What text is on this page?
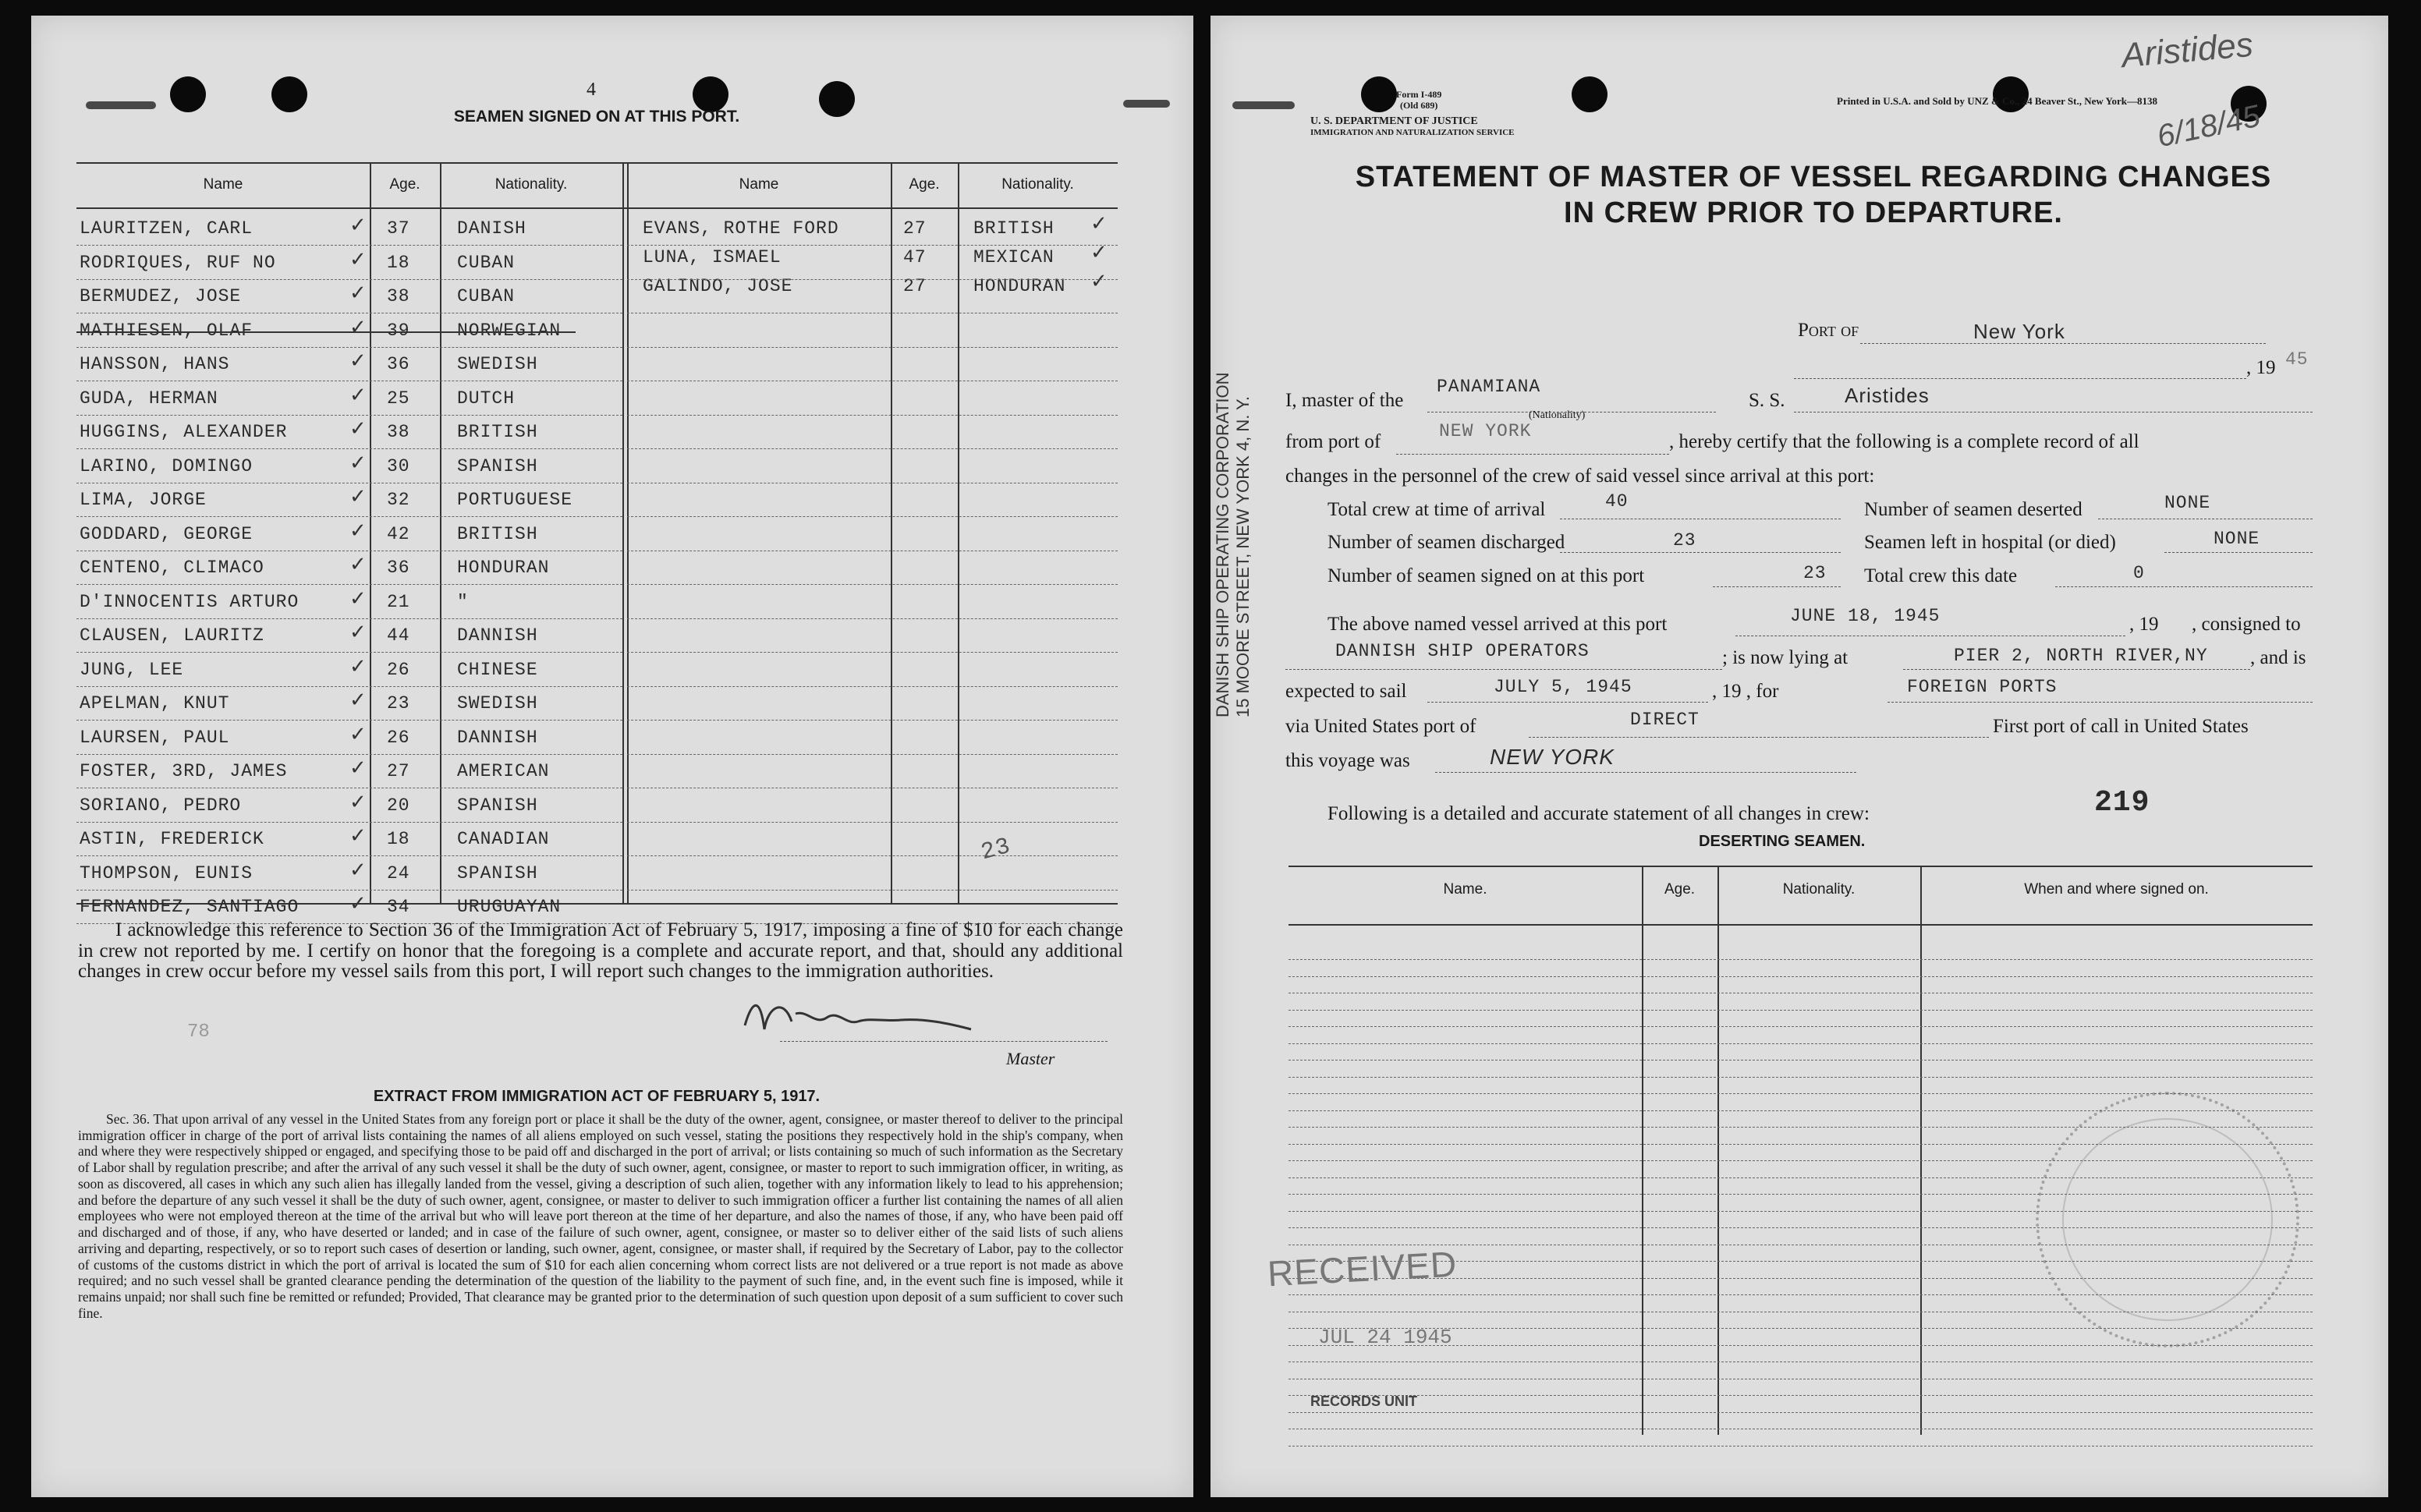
4
SEAMEN SIGNED ON AT THIS PORT.
Name	Age.	Nationality.	Name	Age.	Nationality.
LAURITZEN, CARL	37	DANISH
✓
RODRIQUES, RUF NO	18	CUBAN
✓
BERMUDEZ, JOSE	38	CUBAN
✓
MATHIESEN, OLAF	39	NORWEGIAN
✓
HANSSON, HANS	36	SWEDISH
✓
GUDA, HERMAN	25	DUTCH
✓
HUGGINS, ALEXANDER	38	BRITISH
✓
LARINO, DOMINGO	30	SPANISH
✓
LIMA, JORGE	32	PORTUGUESE
✓
GODDARD, GEORGE	42	BRITISH
✓
CENTENO, CLIMACO	36	HONDURAN
✓
D'INNOCENTIS ARTURO	21	"
✓
CLAUSEN, LAURITZ	44	DANNISH
✓
JUNG, LEE	26	CHINESE
✓
APELMAN, KNUT	23	SWEDISH
✓
LAURSEN, PAUL	26	DANNISH
✓
FOSTER, 3RD, JAMES	27	AMERICAN
✓
SORIANO, PEDRO	20	SPANISH
✓
ASTIN, FREDERICK	18	CANADIAN
✓
THOMPSON, EUNIS	24	SPANISH
✓
FERNANDEZ, SANTIAGO	34	URUGUAYAN
✓
EVANS, ROTHE FORD	27	BRITISH ✓
LUNA, ISMAEL	47	MEXICAN ✓
GALINDO, JOSE	27	HONDURAN ✓
23
I acknowledge this reference to Section 36 of the Immigration Act of February 5, 1917, imposing a fine of $10 for each change in crew not reported by me. I certify on honor that the foregoing is a complete and accurate report, and that, should any additional changes in crew occur before my vessel sails from this port, I will report such changes to the immigration authorities.
Master
78
EXTRACT FROM IMMIGRATION ACT OF FEBRUARY 5, 1917.
Sec. 36. That upon arrival of any vessel in the United States from any foreign port or place it shall be the duty of the owner, agent, consignee, or master thereof to deliver to the principal immigration officer in charge of the port of arrival lists containing the names of all aliens employed on such vessel, stating the positions they respectively hold in the ship's company, when and where they were respectively shipped or engaged, and specifying those to be paid off and discharged in the port of arrival; or lists containing so much of such information as the Secretary of Labor shall by regulation prescribe; and after the arrival of any such vessel it shall be the duty of such owner, agent, consignee, or master to report to such immigration officer, in writing, as soon as discovered, all cases in which any such alien has illegally landed from the vessel, giving a description of such alien, together with any information likely to lead to his apprehension; and before the departure of any such vessel it shall be the duty of such owner, agent, consignee, or master to deliver to such immigration officer a further list containing the names of all alien employees who were not employed thereon at the time of the arrival but who will leave port thereon at the time of her departure, and also the names of those, if any, who have been paid off and discharged and of those, if any, who have deserted or landed; and in case of the failure of such owner, agent, consignee, or master so to deliver either of the said lists of such aliens arriving and departing, respectively, or so to report such cases of desertion or landing, such owner, agent, consignee, or master shall, if required by the Secretary of Labor, pay to the collector of customs of the customs district in which the port of arrival is located the sum of $10 for each alien concerning whom correct lists are not delivered or a true report is not made as above required; and no such vessel shall be granted clearance pending the determination of the question of the liability to the payment of such fine, and, in the event such fine is imposed, while it remains unpaid; nor shall such fine be remitted or refunded; Provided, That clearance may be granted prior to the determination of such question upon deposit of a sum sufficient to cover such fine.
Form I-489
(Old 689)
U. S. DEPARTMENT OF JUSTICE
IMMIGRATION AND NATURALIZATION SERVICE
Printed in U.S.A. and Sold by UNZ & Co., 24 Beaver St., New York—8138
Aristides
6/18/45
STATEMENT OF MASTER OF VESSEL REGARDING CHANGES
IN CREW PRIOR TO DEPARTURE.
DANISH SHIP OPERATING CORPORATION 15 MOORE STREET, NEW YORK 4, N. Y.
Port of	New York
, 19 45
I, master of the
PANAMIANA
(Nationality)
S. S.	Aristides
from port of	NEW YORK	, hereby certify that the following is a complete record of all
changes in the personnel of the crew of said vessel since arrival at this port:
Total crew at time of arrival	40	Number of seamen deserted	NONE
Number of seamen discharged	23	Seamen left in hospital (or died)	NONE
Number of seamen signed on at this port	23 Total crew this date	0
The above named vessel arrived at this port	JUNE 18, 1945	, 19 , consigned to
DANNISH SHIP OPERATORS	; is now lying at	PIER 2, NORTH RIVER,NY , and is
expected to sail	JULY 5, 1945	, 19 , for	FOREIGN PORTS
via United States port of	DIRECT	First port of call in United States
this voyage was	NEW YORK
Following is a detailed and accurate statement of all changes in crew:	219
DESERTING SEAMEN.
Name.	Age.	Nationality.	When and where signed on.
RECEIVED
JUL 24 1945
RECORDS UNIT
